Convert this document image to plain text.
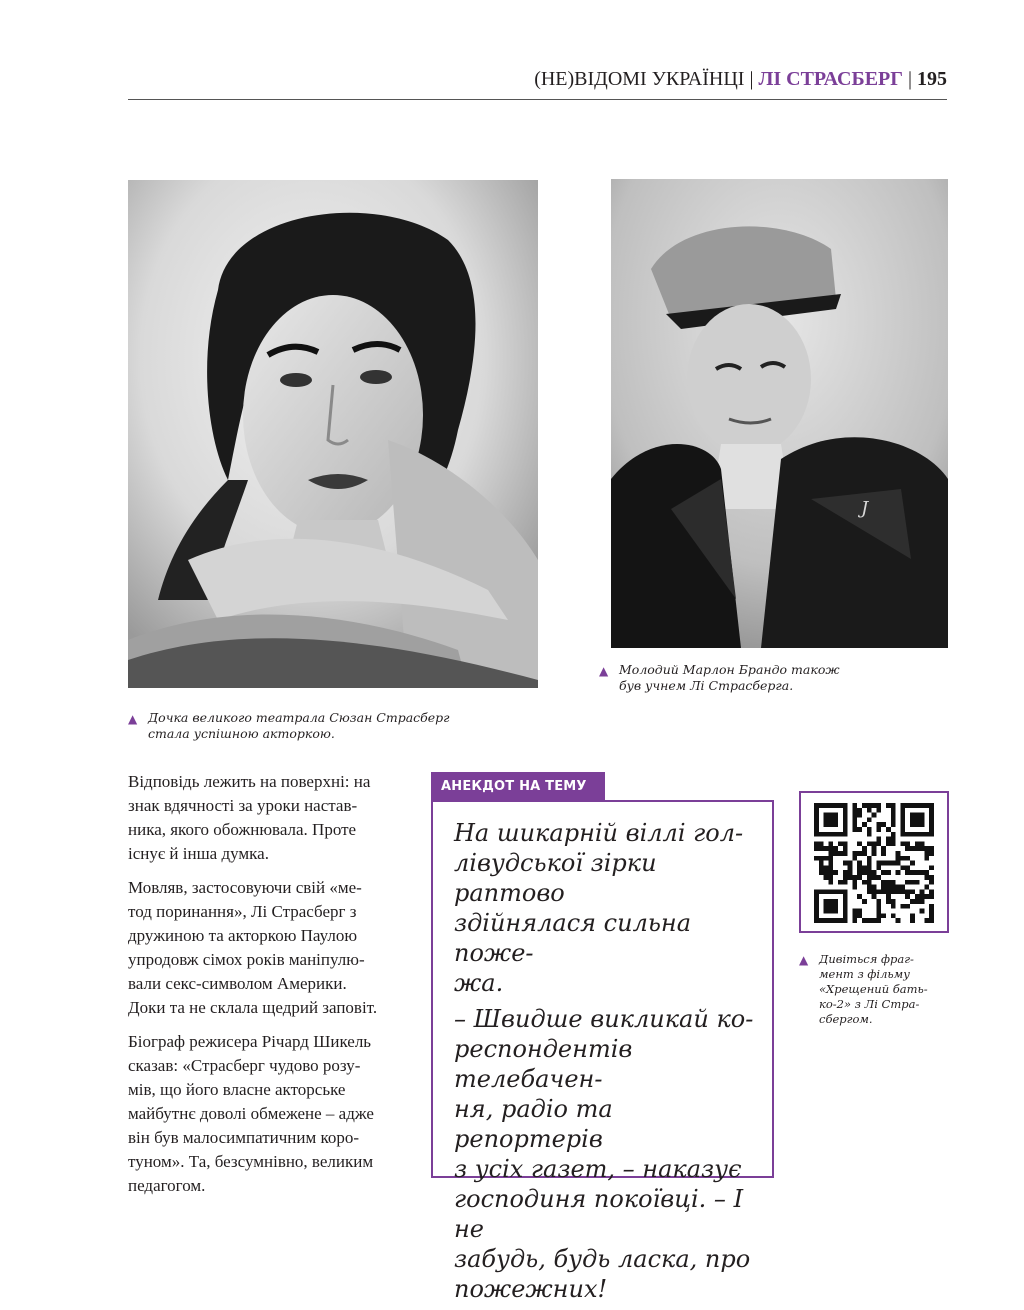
(НЕ)ВІДОМІ УКРАЇНЦІ | ЛІ СТРАСБЕРГ | 195
J
▲ Дочка великого театрала Сюзан Страсберг
стала успішною акторкою.
▲ Молодий Марлон Брандо також
був учнем Лі Страсберга.

Відповідь лежить на поверхні: на
знак вдячності за уроки настав-
ника, якого обожнювала. Проте
існує й інша думка.

Мовляв, застосовуючи свій «ме-
тод поринання», Лі Страсберг з
дружиною та акторкою Паулою
упродовж сімох років маніпулю-
вали секс-символом Америки.
Доки та не склала щедрий заповіт.

Біограф режисера Річард Шикель
сказав: «Страсберг чудово розу-
мів, що його власне акторське
майбутнє доволі обмежене – адже
він був малосимпатичним коро-
туном». Та, безсумнівно, великим
педагогом.

АНЕКДОТ НА ТЕМУ

На шикарній віллі гол-
лівудської зірки раптово
здійнялася сильна поже-
жа.

– Швидше викликай ко-
респондентів телебачен-
ня, радіо та репортерів
з усіх газет, – наказує
господиня покоївці. – І не
забудь, будь ласка, про
пожежних!

▲ Дивіться фраг-
мент з фільму
«Хрещений бать-
ко-2» з Лі Стра-
сбергом.
